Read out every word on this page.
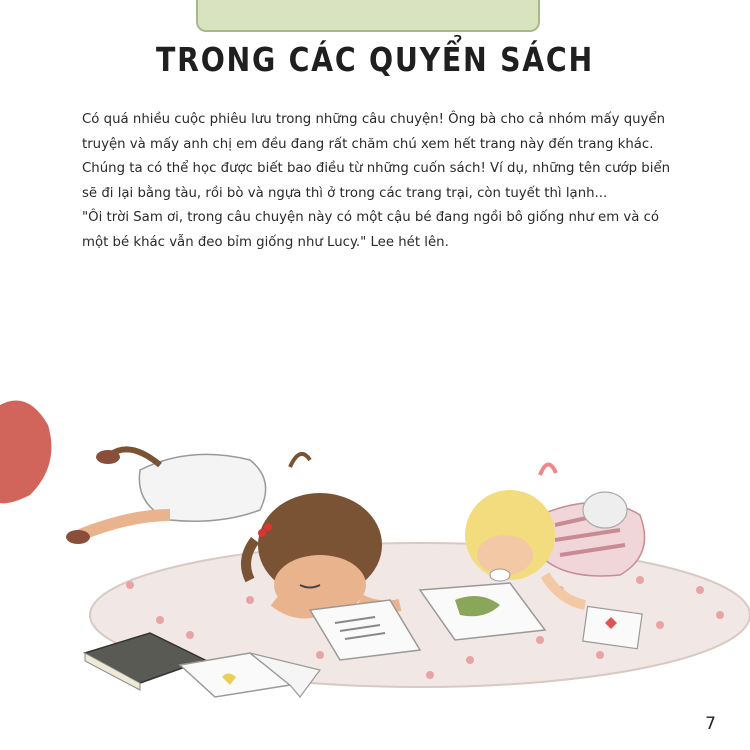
TRONG CÁC QUYỂN SÁCH

Có quá nhiều cuộc phiêu lưu trong những câu chuyện! Ông bà cho cả nhóm mấy quyển truyện và mấy anh chị em đều đang rất chăm chú xem hết trang này đến trang khác.

Chúng ta có thể học được biết bao điều từ những cuốn sách! Ví dụ, những tên cướp biển sẽ đi lại bằng tàu, rồi bò và ngựa thì ở trong các trang trại, còn tuyết thì lạnh...

"Ôi trời Sam ơi, trong câu chuyện này có một cậu bé đang ngồi bô giống như em và có một bé khác vẫn đeo bỉm giống như Lucy." Lee hét lên.

7
